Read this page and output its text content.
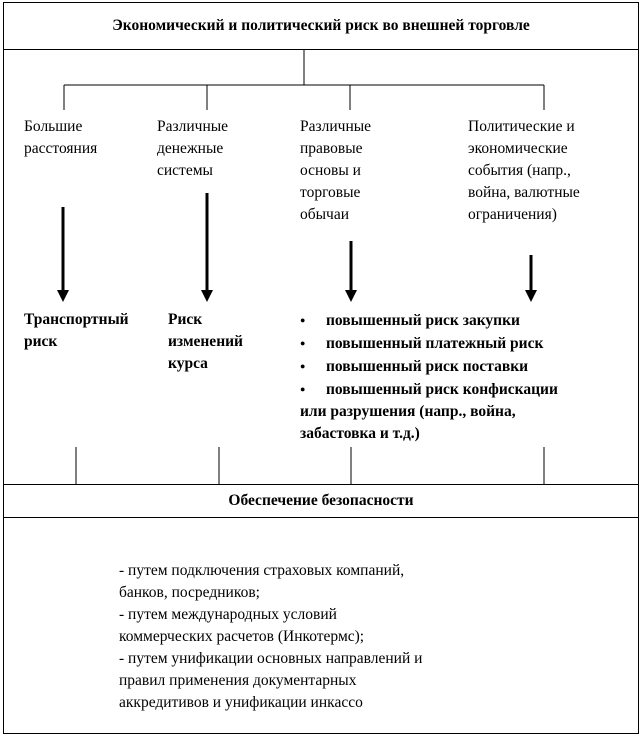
Экономический и политический риск во внешней торговле
Большие
расстояния
Различные
денежные
системы
Различные
правовые
основы и
торговые
обычаи
Политические и
экономические
события (напр.,
война, валютные
ограничения)
Транспортный
риск
Риск
изменений
курса
● повышенный риск закупки
● повышенный платежный риск
● повышенный риск поставки
● повышенный риск конфискации
или разрушения (напр., война,
забастовка и т.д.)
Обеспечение безопасности
- путем подключения страховых компаний,
банков, посредников;
- путем международных условий
коммерческих расчетов (Инкотермс);
- путем унификации основных направлений и
правил применения документарных
аккредитивов и унификации инкассо
